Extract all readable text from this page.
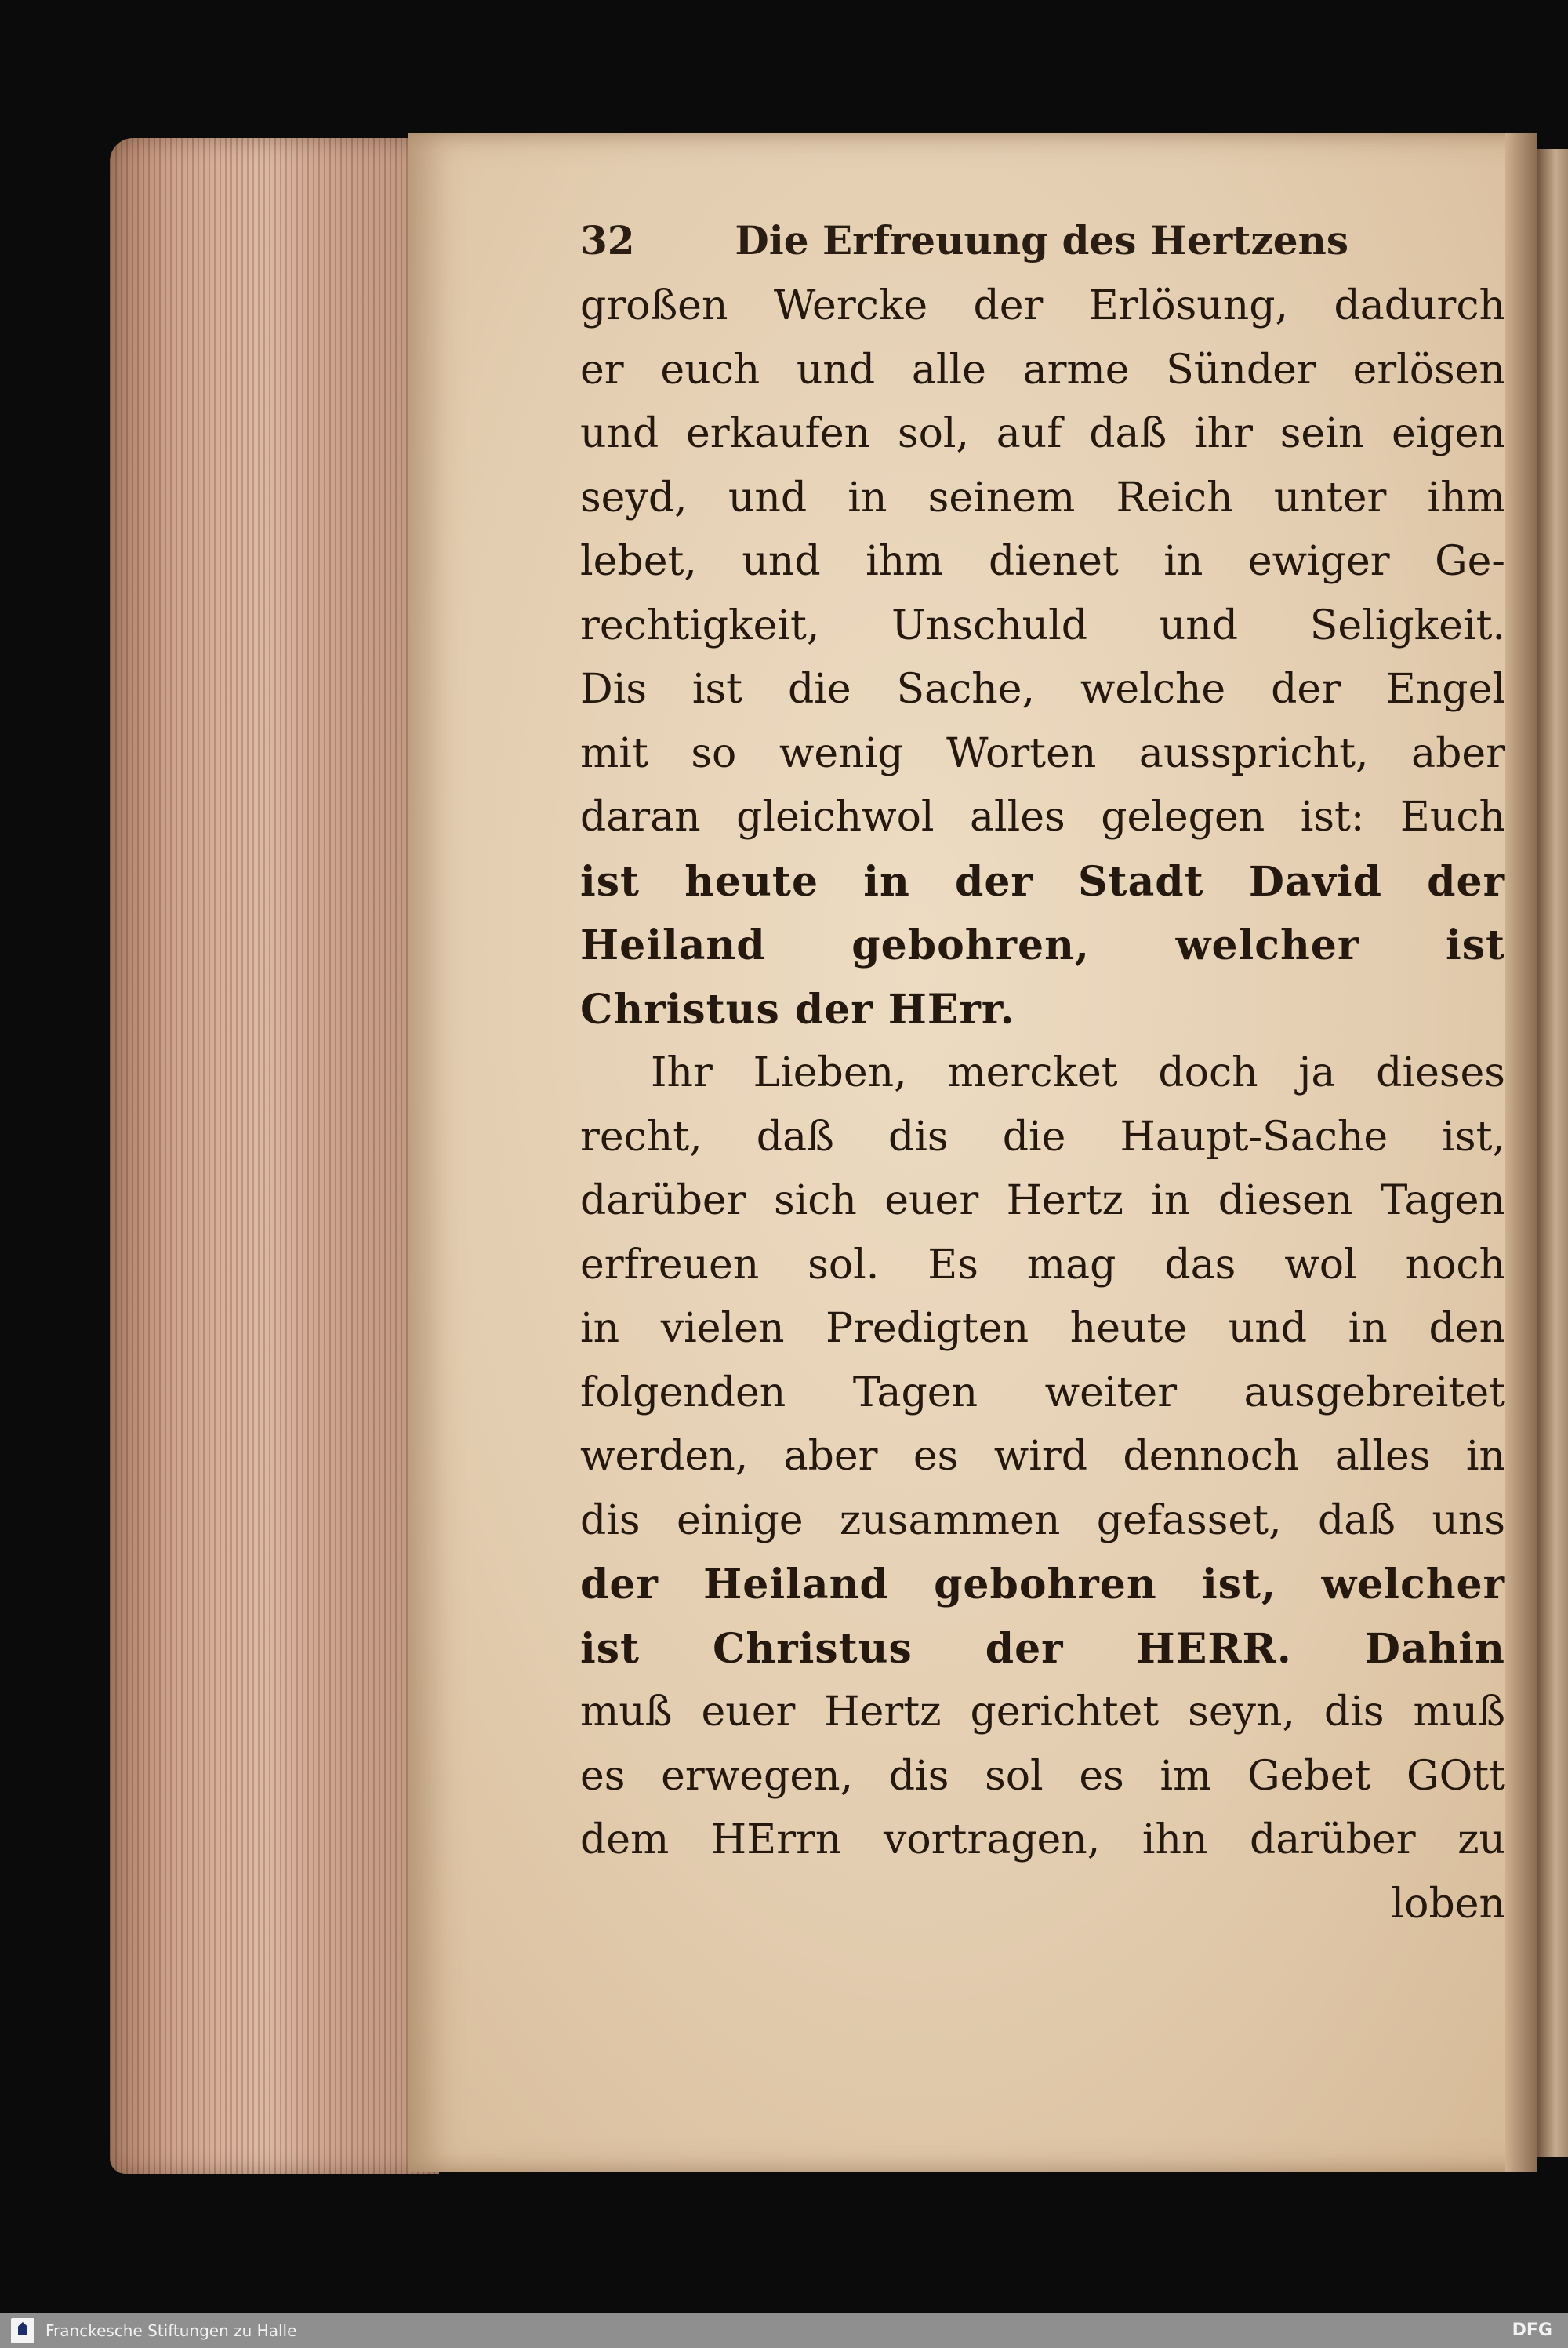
32	Die Erfreuung des Hertzens
großen Wercke der Erlösung, dadurch
er euch und alle arme Sünder erlösen
und erkaufen sol, auf daß ihr sein eigen
seyd, und in seinem Reich unter ihm
lebet, und ihm dienet in ewiger Ge-
rechtigkeit, Unschuld und Seligkeit.
Dis ist die Sache, welche der Engel
mit so wenig Worten ausspricht, aber
daran gleichwol alles gelegen ist: Euch
ist heute in der Stadt David der
Heiland gebohren, welcher ist
Christus der HErr.
Ihr Lieben, mercket doch ja dieses
recht, daß dis die Haupt-Sache ist,
darüber sich euer Hertz in diesen Tagen
erfreuen sol. Es mag das wol noch
in vielen Predigten heute und in den
folgenden Tagen weiter ausgebreitet
werden, aber es wird dennoch alles in
dis einige zusammen gefasset, daß uns
der Heiland gebohren ist, welcher
ist Christus der HERR. Dahin
muß euer Hertz gerichtet seyn, dis muß
es erwegen, dis sol es im Gebet GOtt
dem HErrn vortragen, ihn darüber zu
loben
Franckesche Stiftungen zu Halle	DFG
